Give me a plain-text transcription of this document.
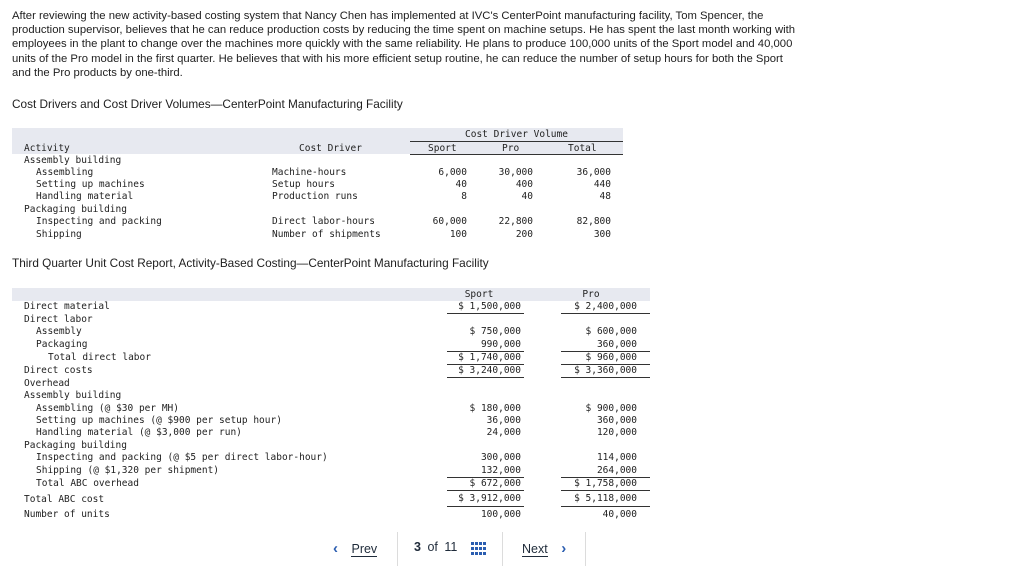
After reviewing the new activity-based costing system that Nancy Chen has implemented at IVC's CenterPoint manufacturing facility, Tom Spencer, the production supervisor, believes that he can reduce production costs by reducing the time spent on machine setups. He has spent the last month working with employees in the plant to change over the machines more quickly with the same reliability. He plans to produce 100,000 units of the Sport model and 40,000 units of the Pro model in the first quarter. He believes that with his more efficient setup routine, he can reduce the number of setup hours for both the Sport and the Pro products by one-third.
Cost Drivers and Cost Driver Volumes—CenterPoint Manufacturing Facility
Cost Driver Volume
Activity	Cost Driver	Sport	Pro	Total
Assembly building
Assembling	Machine-hours	6,000	30,000	36,000
Setting up machines	Setup hours	40	400	440
Handling material	Production runs	8	40	48
Packaging building
Inspecting and packing	Direct labor-hours	60,000	22,800	82,800
Shipping	Number of shipments	100	200	300
Third Quarter Unit Cost Report, Activity-Based Costing—CenterPoint Manufacturing Facility
Sport	Pro
Direct material	$ 1,500,000	$ 2,400,000
Direct labor
Assembly	$ 750,000	$ 600,000
Packaging	990,000	360,000
Total direct labor	$ 1,740,000	$ 960,000
Direct costs	$ 3,240,000	$ 3,360,000
Overhead
Assembly building
Assembling (@ $30 per MH)	$ 180,000	$ 900,000
Setting up machines (@ $900 per setup hour)	36,000	360,000
Handling material (@ $3,000 per run)	24,000	120,000
Packaging building
Inspecting and packing (@ $5 per direct labor-hour)	300,000	114,000
Shipping (@ $1,320 per shipment)	132,000	264,000
Total ABC overhead	$ 672,000	$ 1,758,000
Total ABC cost	$ 3,912,000	$ 5,118,000
Number of units	100,000	40,000
‹ Prev	3 of 11	Next ›
